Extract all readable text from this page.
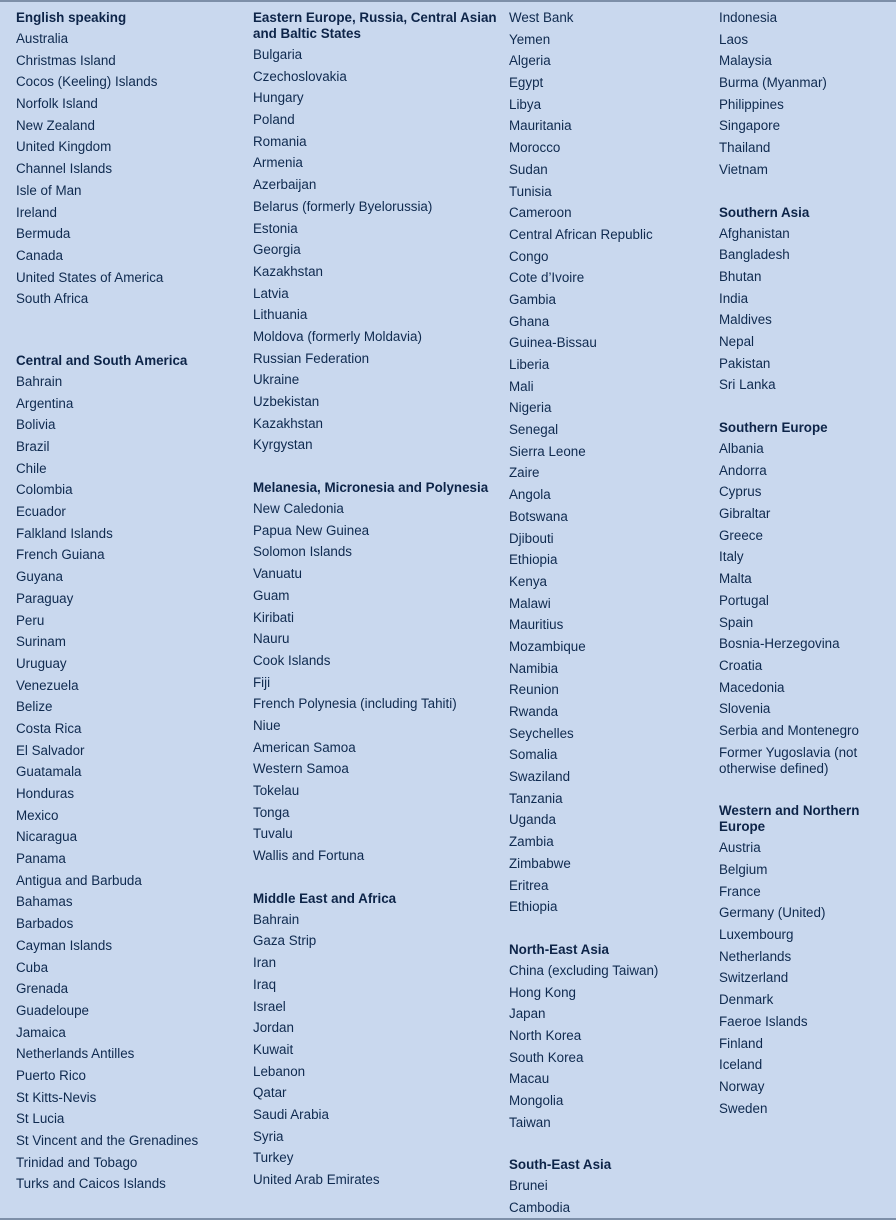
English speaking
Australia
Christmas Island
Cocos (Keeling) Islands
Norfolk Island
New Zealand
United Kingdom
Channel Islands
Isle of Man
Ireland
Bermuda
Canada
United States of America
South Africa
Central and South America
Bahrain
Argentina
Bolivia
Brazil
Chile
Colombia
Ecuador
Falkland Islands
French Guiana
Guyana
Paraguay
Peru
Surinam
Uruguay
Venezuela
Belize
Costa Rica
El Salvador
Guatamala
Honduras
Mexico
Nicaragua
Panama
Antigua and Barbuda
Bahamas
Barbados
Cayman Islands
Cuba
Grenada
Guadeloupe
Jamaica
Netherlands Antilles
Puerto Rico
St Kitts-Nevis
St Lucia
St Vincent and the Grenadines
Trinidad and Tobago
Turks and Caicos Islands
Eastern Europe, Russia, Central Asian and Baltic States
Bulgaria
Czechoslovakia
Hungary
Poland
Romania
Armenia
Azerbaijan
Belarus (formerly Byelorussia)
Estonia
Georgia
Kazakhstan
Latvia
Lithuania
Moldova (formerly Moldavia)
Russian Federation
Ukraine
Uzbekistan
Kazakhstan
Kyrgystan
Melanesia, Micronesia and Polynesia
New Caledonia
Papua New Guinea
Solomon Islands
Vanuatu
Guam
Kiribati
Nauru
Cook Islands
Fiji
French Polynesia (including Tahiti)
Niue
American Samoa
Western Samoa
Tokelau
Tonga
Tuvalu
Wallis and Fortuna
Middle East and Africa
Bahrain
Gaza Strip
Iran
Iraq
Israel
Jordan
Kuwait
Lebanon
Qatar
Saudi Arabia
Syria
Turkey
United Arab Emirates
West Bank
Yemen
Algeria
Egypt
Libya
Mauritania
Morocco
Sudan
Tunisia
Cameroon
Central African Republic
Congo
Cote d’Ivoire
Gambia
Ghana
Guinea-Bissau
Liberia
Mali
Nigeria
Senegal
Sierra Leone
Zaire
Angola
Botswana
Djibouti
Ethiopia
Kenya
Malawi
Mauritius
Mozambique
Namibia
Reunion
Rwanda
Seychelles
Somalia
Swaziland
Tanzania
Uganda
Zambia
Zimbabwe
Eritrea
Ethiopia
North-East Asia
China (excluding Taiwan)
Hong Kong
Japan
North Korea
South Korea
Macau
Mongolia
Taiwan
South-East Asia
Brunei
Cambodia
Indonesia
Laos
Malaysia
Burma (Myanmar)
Philippines
Singapore
Thailand
Vietnam
Southern Asia
Afghanistan
Bangladesh
Bhutan
India
Maldives
Nepal
Pakistan
Sri Lanka
Southern Europe
Albania
Andorra
Cyprus
Gibraltar
Greece
Italy
Malta
Portugal
Spain
Bosnia-Herzegovina
Croatia
Macedonia
Slovenia
Serbia and Montenegro
Former Yugoslavia (not otherwise defined)
Western and Northern Europe
Austria
Belgium
France
Germany (United)
Luxembourg
Netherlands
Switzerland
Denmark
Faeroe Islands
Finland
Iceland
Norway
Sweden
